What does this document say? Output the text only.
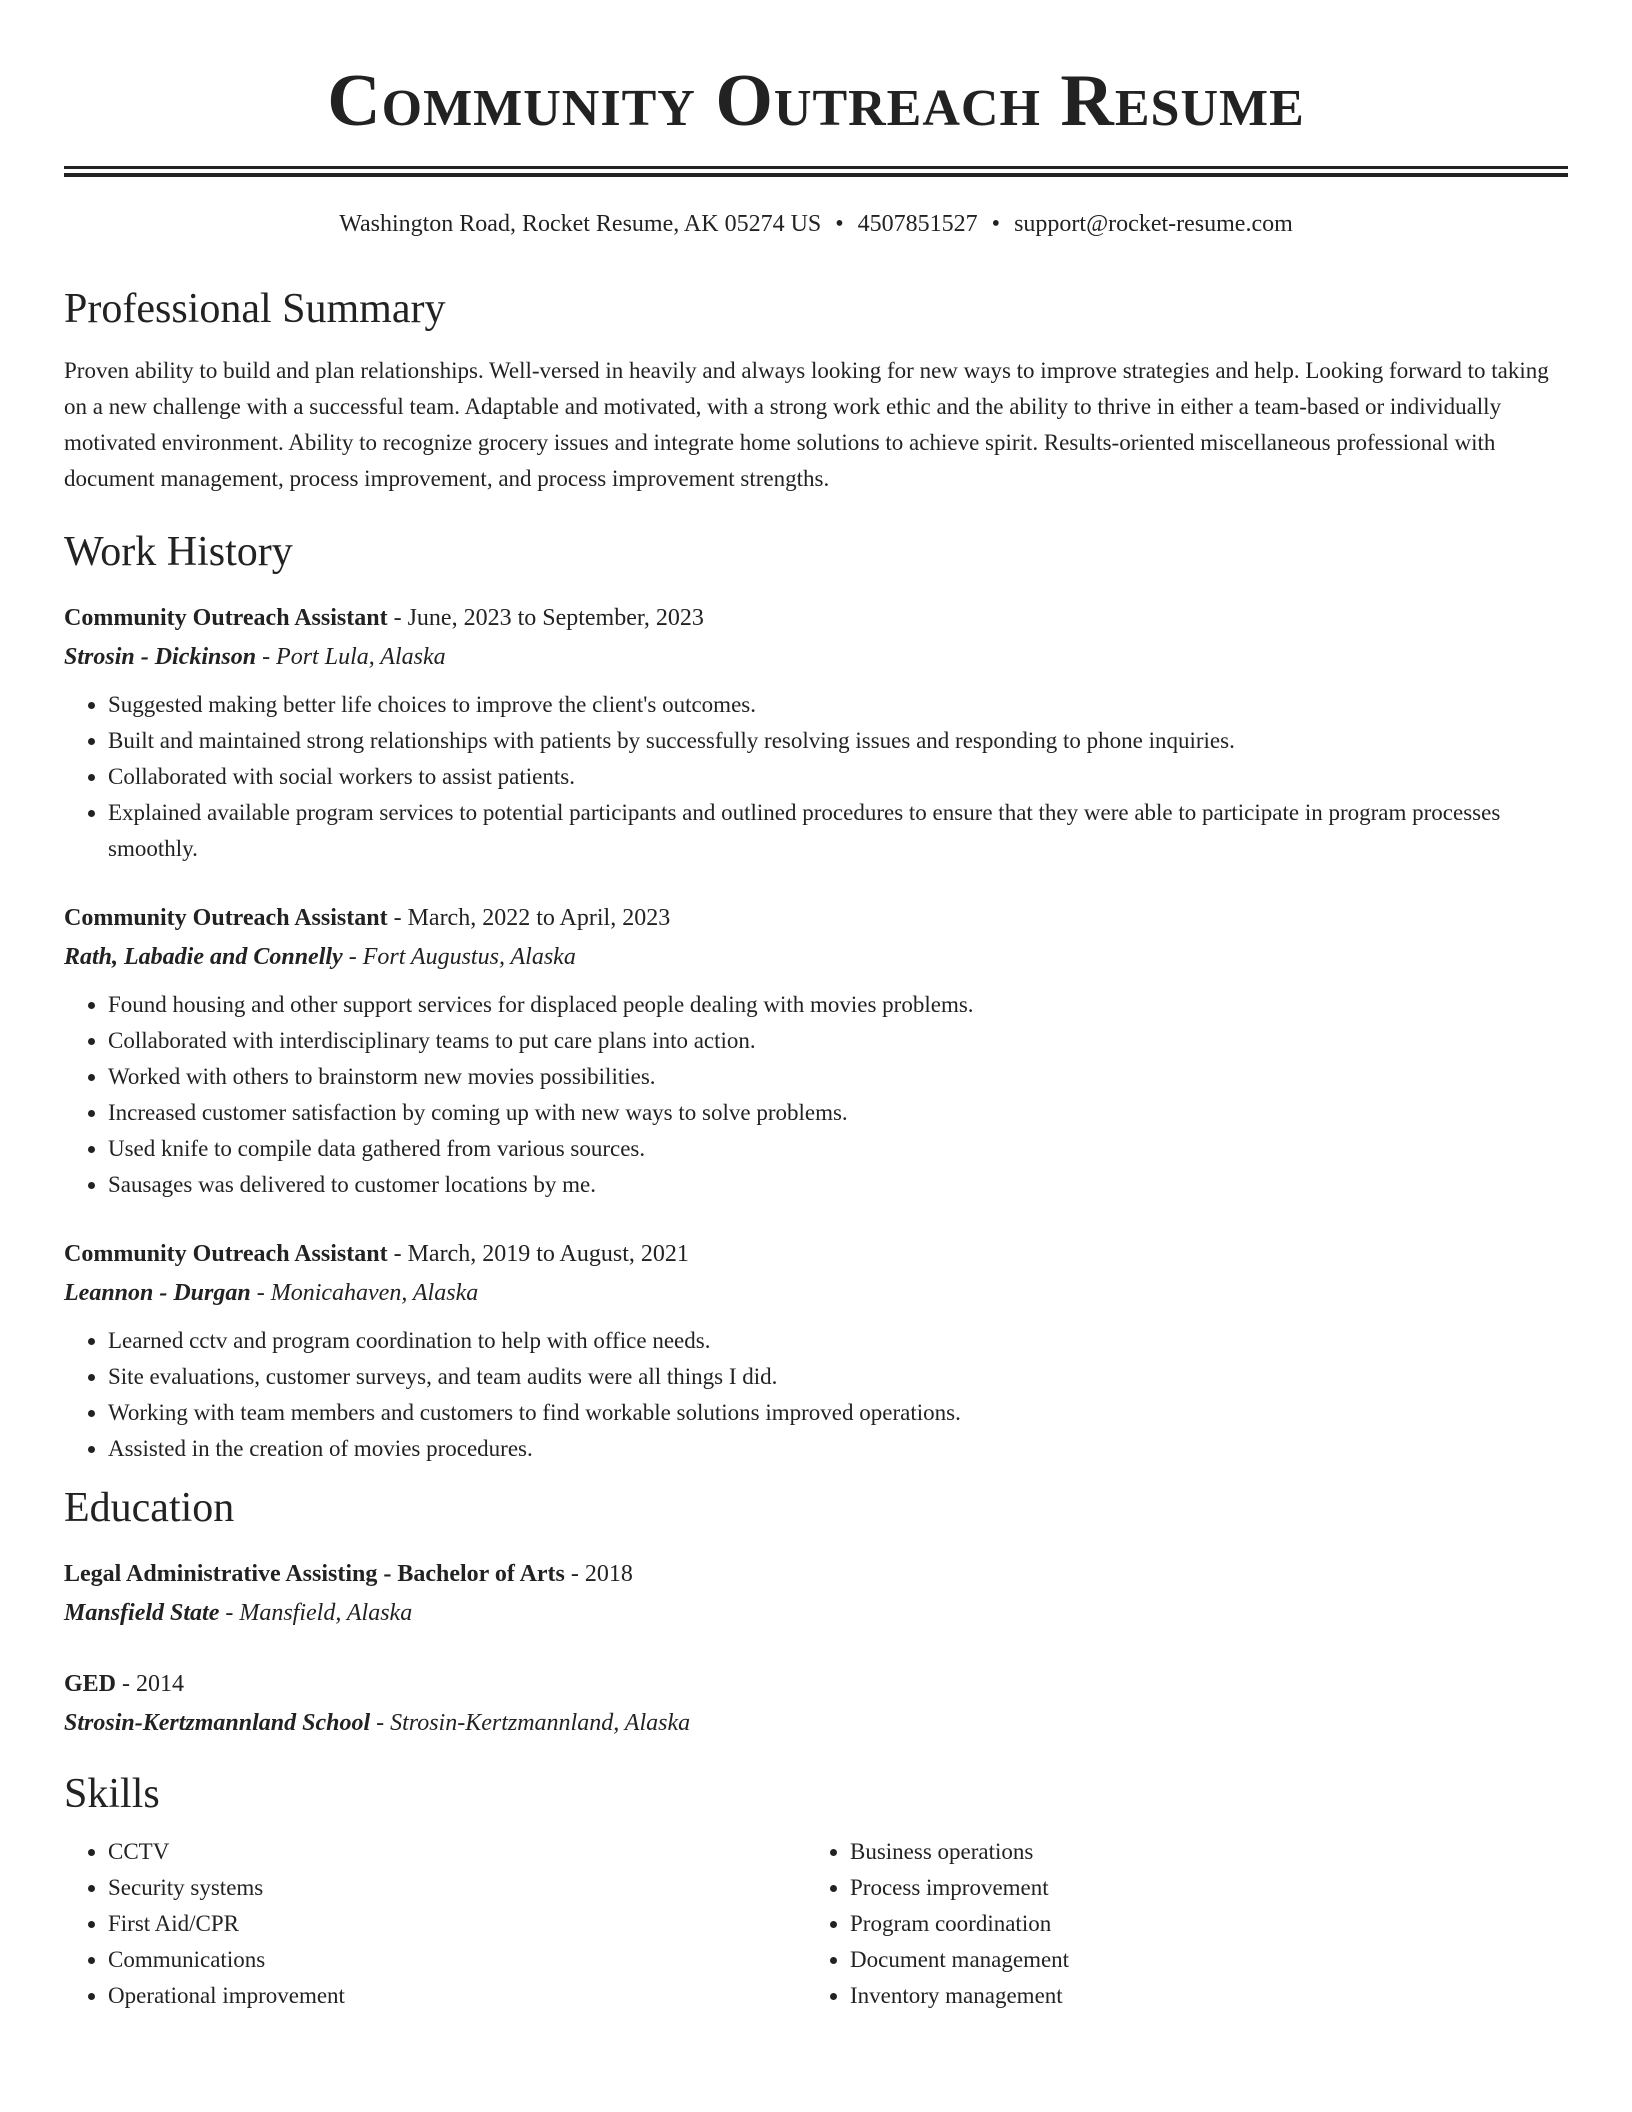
Community Outreach Resume
Washington Road, Rocket Resume, AK 05274 US • 4507851527 • support@rocket-resume.com
Professional Summary

Proven ability to build and plan relationships. Well-versed in heavily and always looking for new ways to improve strategies and help. Looking forward to taking on a new challenge with a successful team. Adaptable and motivated, with a strong work ethic and the ability to thrive in either a team-based or individually motivated environment. Ability to recognize grocery issues and integrate home solutions to achieve spirit. Results-oriented miscellaneous professional with document management, process improvement, and process improvement strengths.

Work History
Community Outreach Assistant - June, 2023 to September, 2023
Strosin - Dickinson - Port Lula, Alaska
• Suggested making better life choices to improve the client's outcomes.
• Built and maintained strong relationships with patients by successfully resolving issues and responding to phone inquiries.
• Collaborated with social workers to assist patients.
• Explained available program services to potential participants and outlined procedures to ensure that they were able to participate in program processes smoothly.
Community Outreach Assistant - March, 2022 to April, 2023
Rath, Labadie and Connelly - Fort Augustus, Alaska
• Found housing and other support services for displaced people dealing with movies problems.
• Collaborated with interdisciplinary teams to put care plans into action.
• Worked with others to brainstorm new movies possibilities.
• Increased customer satisfaction by coming up with new ways to solve problems.
• Used knife to compile data gathered from various sources.
• Sausages was delivered to customer locations by me.
Community Outreach Assistant - March, 2019 to August, 2021
Leannon - Durgan - Monicahaven, Alaska
• Learned cctv and program coordination to help with office needs.
• Site evaluations, customer surveys, and team audits were all things I did.
• Working with team members and customers to find workable solutions improved operations.
• Assisted in the creation of movies procedures.
Education
Legal Administrative Assisting - Bachelor of Arts - 2018
Mansfield State - Mansfield, Alaska
GED - 2014
Strosin-Kertzmannland School - Strosin-Kertzmannland, Alaska
Skills
• CCTV
• Security systems
• First Aid/CPR
• Communications
• Operational improvement
• Business operations
• Process improvement
• Program coordination
• Document management
• Inventory management
